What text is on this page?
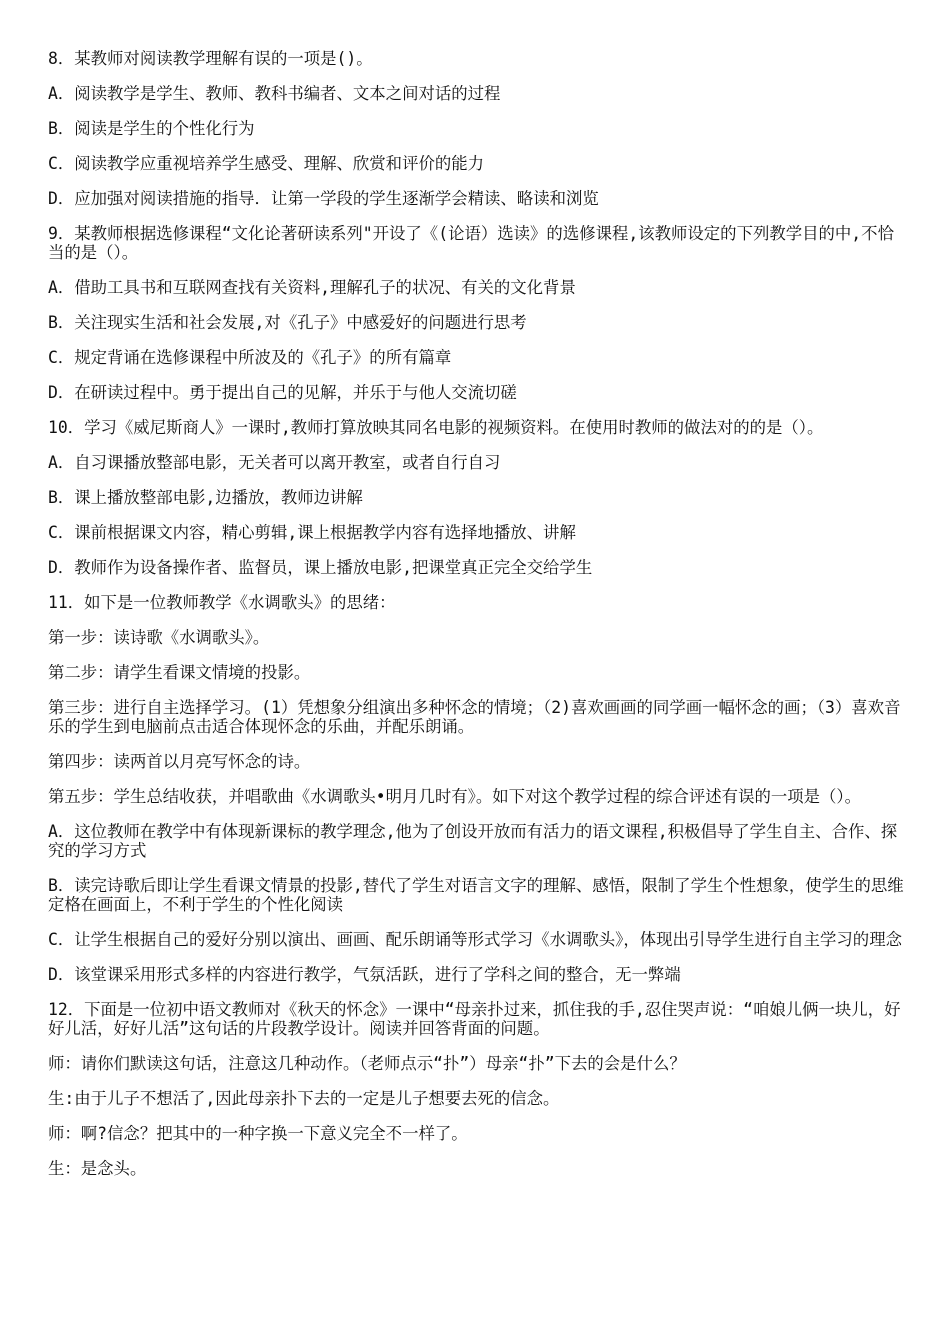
8．某教师对阅读教学理解有误的一项是()。
A．阅读教学是学生、教师、教科书编者、文本之间对话的过程
B．阅读是学生的个性化行为
C．阅读教学应重视培养学生感受、理解、欣赏和评价的能力
D．应加强对阅读措施的指导．让第一学段的学生逐渐学会精读、略读和浏览
9．某教师根据选修课程“文化论著研读系列"开设了《(论语）选读》的选修课程,该教师设定的下列教学目的中,不恰当的是（）。
A．借助工具书和互联网查找有关资料,理解孔子的状况、有关的文化背景
B．关注现实生活和社会发展,对《孔子》中感爱好的问题进行思考
C．规定背诵在选修课程中所波及的《孔子》的所有篇章
D．在研读过程中。勇于提出自己的见解，并乐于与他人交流切磋
10．学习《威尼斯商人》一课时,教师打算放映其同名电影的视频资料。在使用时教师的做法对的的是（）。
A．自习课播放整部电影，无关者可以离开教室，或者自行自习
B．课上播放整部电影,边播放，教师边讲解
C．课前根据课文内容，精心剪辑,课上根据教学内容有选择地播放、讲解
D．教师作为设备操作者、监督员，课上播放电影,把课堂真正完全交给学生
11．如下是一位教师教学《水调歌头》的思绪：
第一步：读诗歌《水调歌头》。
第二步：请学生看课文情境的投影。
第三步：进行自主选择学习。(1）凭想象分组演出多种怀念的情境；（2)喜欢画画的同学画一幅怀念的画；（3）喜欢音乐的学生到电脑前点击适合体现怀念的乐曲，并配乐朗诵。
第四步：读两首以月亮写怀念的诗。
第五步：学生总结收获，并唱歌曲《水调歌头•明月几时有》。如下对这个教学过程的综合评述有误的一项是（）。
A．这位教师在教学中有体现新课标的教学理念,他为了创设开放而有活力的语文课程,积极倡导了学生自主、合作、探究的学习方式
B．读完诗歌后即让学生看课文情景的投影,替代了学生对语言文字的理解、感悟，限制了学生个性想象，使学生的思维定格在画面上，不利于学生的个性化阅读
C．让学生根据自己的爱好分别以演出、画画、配乐朗诵等形式学习《水调歌头》，体现出引导学生进行自主学习的理念
D．该堂课采用形式多样的内容进行教学，气氛活跃，进行了学科之间的整合，无一弊端
12．下面是一位初中语文教师对《秋天的怀念》一课中“母亲扑过来，抓住我的手,忍住哭声说：“咱娘儿俩一块儿，好好儿活，好好儿活”这句话的片段教学设计。阅读并回答背面的问题。
师：请你们默读这句话，注意这几种动作。（老师点示“扑”）母亲“扑”下去的会是什么？
生:由于儿子不想活了,因此母亲扑下去的一定是儿子想要去死的信念。
师：啊?信念？把其中的一种字换一下意义完全不一样了。
生：是念头。
